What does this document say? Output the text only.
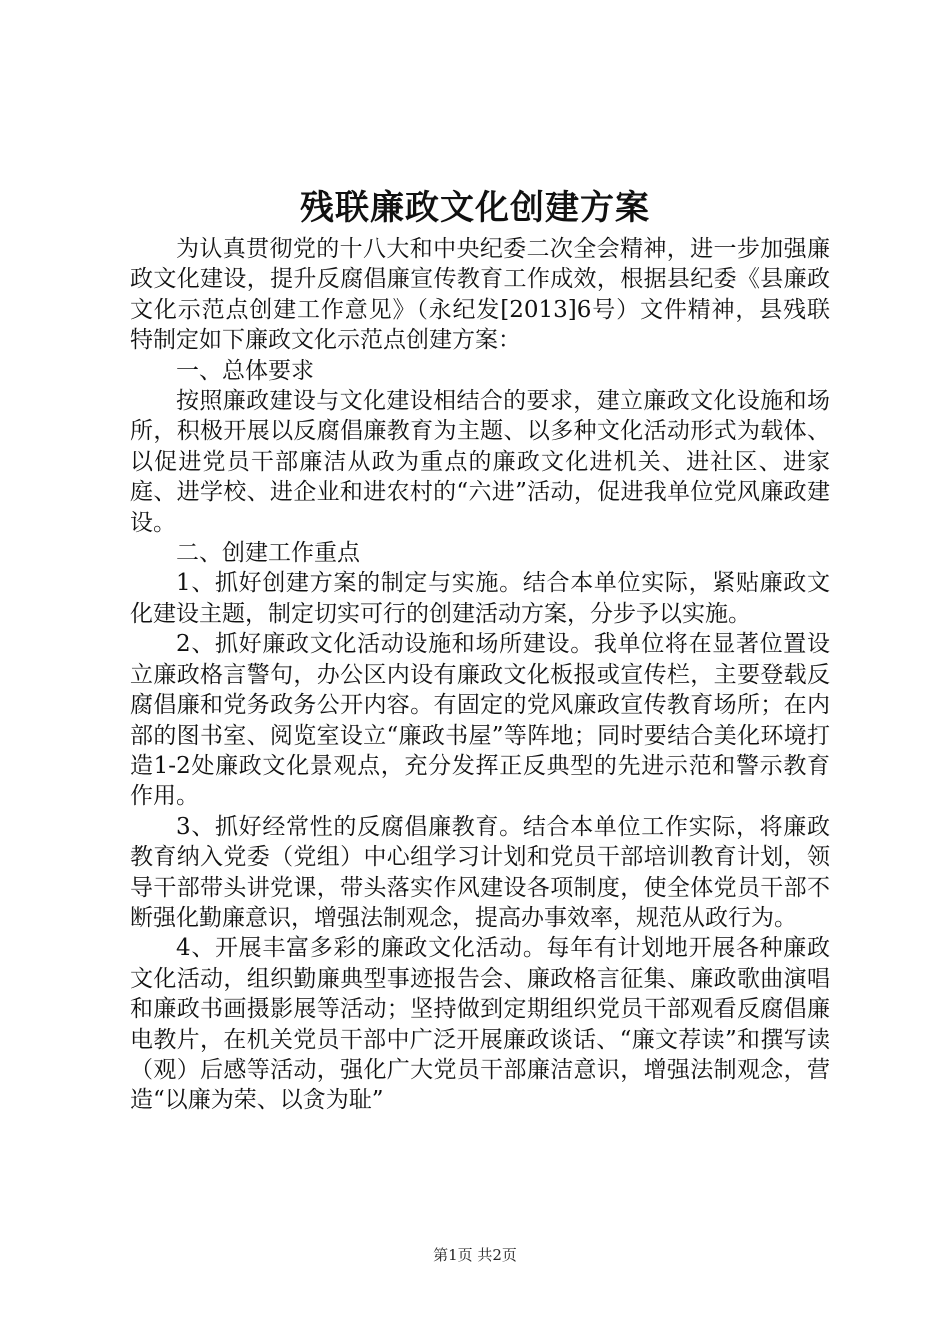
残联廉政文化创建方案

为认真贯彻党的十八大和中央纪委二次全会精神，进一步加强廉政文化建设，提升反腐倡廉宣传教育工作成效，根据县纪委《县廉政文化示范点创建工作意见》（永纪发[2013]6号）文件精神，县残联特制定如下廉政文化示范点创建方案：

一、总体要求

按照廉政建设与文化建设相结合的要求，建立廉政文化设施和场所，积极开展以反腐倡廉教育为主题、以多种文化活动形式为载体、以促进党员干部廉洁从政为重点的廉政文化进机关、进社区、进家庭、进学校、进企业和进农村的“六进”活动，促进我单位党风廉政建设。

二、创建工作重点

1、抓好创建方案的制定与实施。结合本单位实际，紧贴廉政文化建设主题，制定切实可行的创建活动方案，分步予以实施。

2、抓好廉政文化活动设施和场所建设。我单位将在显著位置设立廉政格言警句，办公区内设有廉政文化板报或宣传栏，主要登载反腐倡廉和党务政务公开内容。有固定的党风廉政宣传教育场所；在内部的图书室、阅览室设立“廉政书屋”等阵地；同时要结合美化环境打造1-2处廉政文化景观点，充分发挥正反典型的先进示范和警示教育作用。

3、抓好经常性的反腐倡廉教育。结合本单位工作实际，将廉政教育纳入党委（党组）中心组学习计划和党员干部培训教育计划，领导干部带头讲党课，带头落实作风建设各项制度，使全体党员干部不断强化勤廉意识，增强法制观念，提高办事效率，规范从政行为。

4、开展丰富多彩的廉政文化活动。每年有计划地开展各种廉政文化活动，组织勤廉典型事迹报告会、廉政格言征集、廉政歌曲演唱和廉政书画摄影展等活动；坚持做到定期组织党员干部观看反腐倡廉电教片，在机关党员干部中广泛开展廉政谈话、“廉文荐读”和撰写读（观）后感等活动，强化广大党员干部廉洁意识，增强法制观念，营造“以廉为荣、以贪为耻”

第1页 共2页
